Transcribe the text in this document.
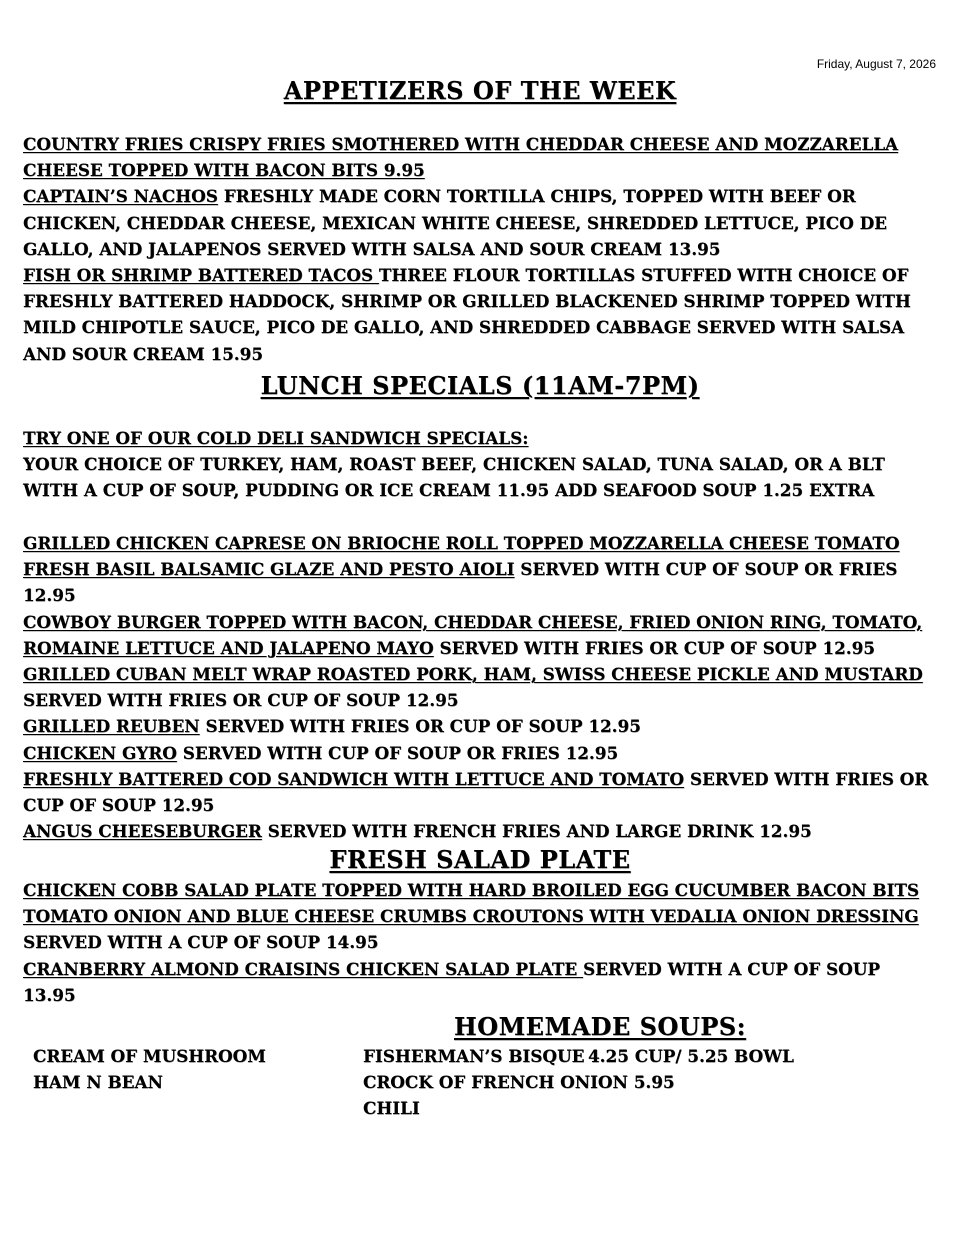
Friday, August 7, 2026
APPETIZERS OF THE WEEK
COUNTRY FRIES CRISPY FRIES SMOTHERED WITH CHEDDAR CHEESE AND MOZZARELLA CHEESE TOPPED WITH BACON BITS 9.95
CAPTAIN’S NACHOS FRESHLY MADE CORN TORTILLA CHIPS, TOPPED WITH BEEF OR CHICKEN, CHEDDAR CHEESE, MEXICAN WHITE CHEESE, SHREDDED LETTUCE, PICO DE GALLO, AND JALAPENOS SERVED WITH SALSA AND SOUR CREAM 13.95
FISH OR SHRIMP BATTERED TACOS THREE FLOUR TORTILLAS STUFFED WITH CHOICE OF FRESHLY BATTERED HADDOCK, SHRIMP OR GRILLED BLACKENED SHRIMP TOPPED WITH MILD CHIPOTLE SAUCE, PICO DE GALLO, AND SHREDDED CABBAGE SERVED WITH SALSA AND SOUR CREAM 15.95
LUNCH SPECIALS (11AM-7PM)
TRY ONE OF OUR COLD DELI SANDWICH SPECIALS:
YOUR CHOICE OF TURKEY, HAM, ROAST BEEF, CHICKEN SALAD, TUNA SALAD, OR A BLT WITH A CUP OF SOUP, PUDDING OR ICE CREAM 11.95 ADD SEAFOOD SOUP 1.25 EXTRA
GRILLED CHICKEN CAPRESE ON BRIOCHE ROLL TOPPED MOZZARELLA CHEESE TOMATO FRESH BASIL BALSAMIC GLAZE AND PESTO AIOLI SERVED WITH CUP OF SOUP OR FRIES 12.95
COWBOY BURGER TOPPED WITH BACON, CHEDDAR CHEESE, FRIED ONION RING, TOMATO, ROMAINE LETTUCE AND JALAPENO MAYO SERVED WITH FRIES OR CUP OF SOUP 12.95
GRILLED CUBAN MELT WRAP ROASTED PORK, HAM, SWISS CHEESE PICKLE AND MUSTARD SERVED WITH FRIES OR CUP OF SOUP 12.95
GRILLED REUBEN SERVED WITH FRIES OR CUP OF SOUP 12.95
CHICKEN GYRO SERVED WITH CUP OF SOUP OR FRIES 12.95
FRESHLY BATTERED COD SANDWICH WITH LETTUCE AND TOMATO SERVED WITH FRIES OR CUP OF SOUP 12.95
ANGUS CHEESEBURGER SERVED WITH FRENCH FRIES AND LARGE DRINK 12.95
FRESH SALAD PLATE
CHICKEN COBB SALAD PLATE TOPPED WITH HARD BROILED EGG CUCUMBER BACON BITS TOMATO ONION AND BLUE CHEESE CRUMBS CROUTONS WITH VEDALIA ONION DRESSING SERVED WITH A CUP OF SOUP 14.95
CRANBERRY ALMOND CRAISINS CHICKEN SALAD PLATE SERVED WITH A CUP OF SOUP 13.95
HOMEMADE SOUPS:
CREAM OF MUSHROOM
HAM N BEAN
FISHERMAN’S BISQUE
CROCK OF FRENCH ONION 5.95
CHILI
4.25 CUP/ 5.25 BOWL
